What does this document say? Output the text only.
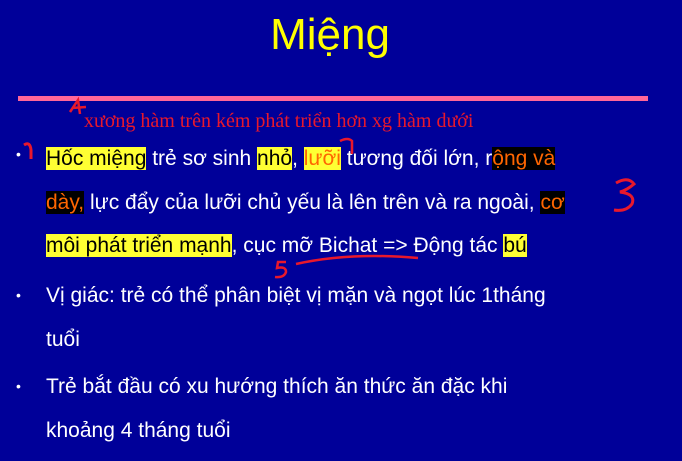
Miệng
xương hàm trên kém phát triển hơn xg hàm dưới
• Hốc miệng trẻ sơ sinh nhỏ, lưỡi tương đối lớn, rộng và
dày, lực đẩy của lưỡi chủ yếu là lên trên và ra ngoài, cơ
môi phát triển mạnh, cục mỡ Bichat => Động tác bú
• Vị giác: trẻ có thể phân biệt vị mặn và ngọt lúc 1tháng
tuổi
• Trẻ bắt đầu có xu hướng thích ăn thức ăn đặc khi
khoảng 4 tháng tuổi
